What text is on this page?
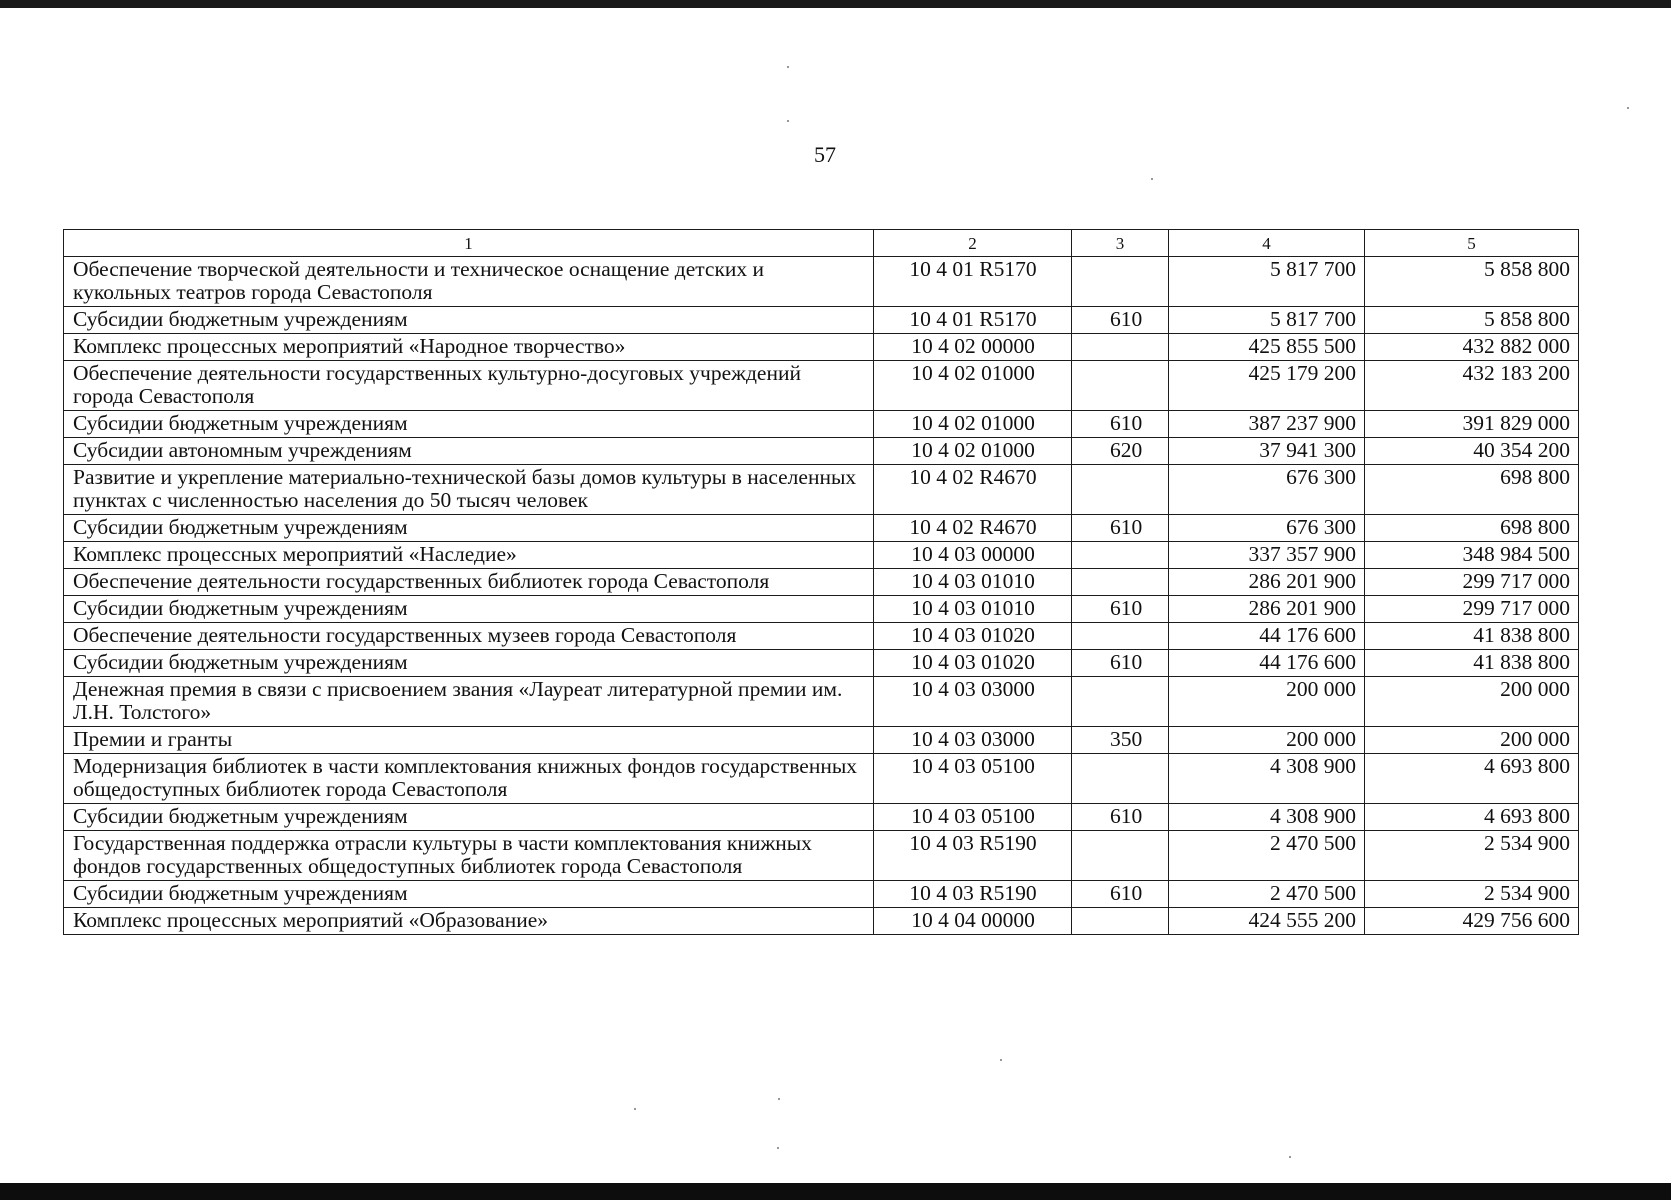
57
1	2	3	4	5
Обеспечение творческой деятельности и техническое оснащение детских и кукольных театров города Севастополя	10 4 01 R5170		5 817 700	5 858 800
Субсидии бюджетным учреждениям	10 4 01 R5170	610	5 817 700	5 858 800
Комплекс процессных мероприятий «Народное творчество»	10 4 02 00000		425 855 500	432 882 000
Обеспечение деятельности государственных культурно-досуговых учреждений города Севастополя	10 4 02 01000		425 179 200	432 183 200
Субсидии бюджетным учреждениям	10 4 02 01000	610	387 237 900	391 829 000
Субсидии автономным учреждениям	10 4 02 01000	620	37 941 300	40 354 200
Развитие и укрепление материально-технической базы домов культуры в населенных пунктах с численностью населения до 50 тысяч человек	10 4 02 R4670		676 300	698 800
Субсидии бюджетным учреждениям	10 4 02 R4670	610	676 300	698 800
Комплекс процессных мероприятий «Наследие»	10 4 03 00000		337 357 900	348 984 500
Обеспечение деятельности государственных библиотек города Севастополя	10 4 03 01010		286 201 900	299 717 000
Субсидии бюджетным учреждениям	10 4 03 01010	610	286 201 900	299 717 000
Обеспечение деятельности государственных музеев города Севастополя	10 4 03 01020		44 176 600	41 838 800
Субсидии бюджетным учреждениям	10 4 03 01020	610	44 176 600	41 838 800
Денежная премия в связи с присвоением звания «Лауреат литературной премии им. Л.Н. Толстого»	10 4 03 03000		200 000	200 000
Премии и гранты	10 4 03 03000	350	200 000	200 000
Модернизация библиотек в части комплектования книжных фондов государственных общедоступных библиотек города Севастополя	10 4 03 05100		4 308 900	4 693 800
Субсидии бюджетным учреждениям	10 4 03 05100	610	4 308 900	4 693 800
Государственная поддержка отрасли культуры в части комплектования книжных фондов государственных общедоступных библиотек города Севастополя	10 4 03 R5190		2 470 500	2 534 900
Субсидии бюджетным учреждениям	10 4 03 R5190	610	2 470 500	2 534 900
Комплекс процессных мероприятий «Образование»	10 4 04 00000		424 555 200	429 756 600
